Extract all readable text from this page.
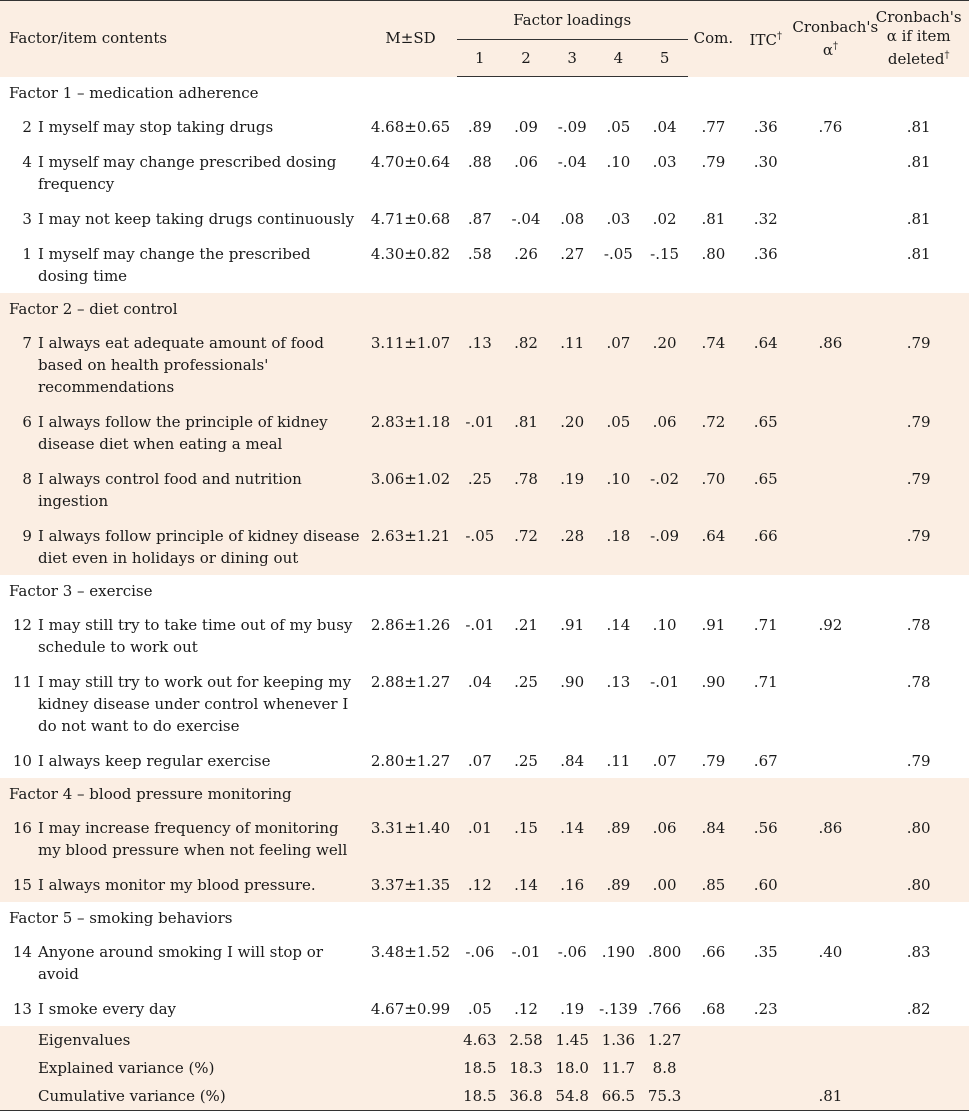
Factor/item contents		M±SD	Factor loadings					Com.	ITC†	Cronbach's α†	Cronbach's α if item deleted†
			1	2	3	4	5				
Factor 1 – medication adherence											
2	I myself may stop taking drugs	4.68±0.65	.89	.09	-.09	.05	.04	.77	.36	.76	.81
4	I myself may change prescribed dosing frequency	4.70±0.64	.88	.06	-.04	.10	.03	.79	.30		.81
3	I may not keep taking drugs continuously	4.71±0.68	.87	-.04	.08	.03	.02	.81	.32		.81
1	I myself may change the prescribed dosing time	4.30±0.82	.58	.26	.27	-.05	-.15	.80	.36		.81
Factor 2 – diet control											
7	I always eat adequate amount of food based on health professionals' recommendations	3.11±1.07	.13	.82	.11	.07	.20	.74	.64	.86	.79
6	I always follow the principle of kidney disease diet when eating a meal	2.83±1.18	-.01	.81	.20	.05	.06	.72	.65		.79
8	I always control food and nutrition ingestion	3.06±1.02	.25	.78	.19	.10	-.02	.70	.65		.79
9	I always follow principle of kidney disease diet even in holidays or dining out	2.63±1.21	-.05	.72	.28	.18	-.09	.64	.66		.79
Factor 3 – exercise											
12	I may still try to take time out of my busy schedule to work out	2.86±1.26	-.01	.21	.91	.14	.10	.91	.71	.92	.78
11	I may still try to work out for keeping my kidney disease under control whenever I do not want to do exercise	2.88±1.27	.04	.25	.90	.13	-.01	.90	.71		.78
10	I always keep regular exercise	2.80±1.27	.07	.25	.84	.11	.07	.79	.67		.79
Factor 4 – blood pressure monitoring											
16	I may increase frequency of monitoring my blood pressure when not feeling well	3.31±1.40	.01	.15	.14	.89	.06	.84	.56	.86	.80
15	I always monitor my blood pressure.	3.37±1.35	.12	.14	.16	.89	.00	.85	.60		.80
Factor 5 – smoking behaviors											
14	Anyone around smoking I will stop or avoid	3.48±1.52	-.06	-.01	-.06	.190	.800	.66	.35	.40	.83
13	I smoke every day	4.67±0.99	.05	.12	.19	-.139	.766	.68	.23		.82
	Eigenvalues		4.63	2.58	1.45	1.36	1.27				
	Explained variance (%)		18.5	18.3	18.0	11.7	8.8				
	Cumulative variance (%)		18.5	36.8	54.8	66.5	75.3			.81	
